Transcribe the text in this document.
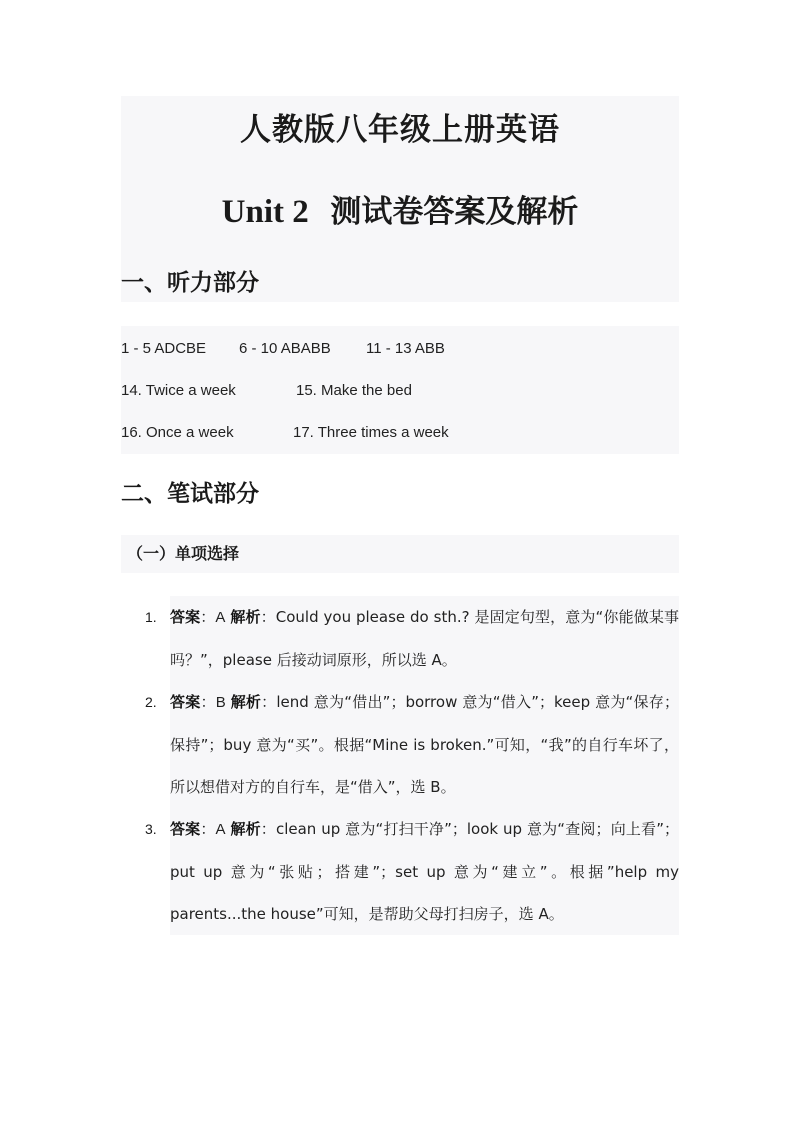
人教版八年级上册英语
Unit 2 测试卷答案及解析
一、听力部分
1 - 5 ADCBE 6 - 10 ABABB 11 - 13 ABB
14. Twice a week	15. Make the bed
16. Once a week	17. Three times a week
二、笔试部分
（一）单项选择
1. 答案：A 解析：Could you please do sth.? 是固定句型，意为“你能做某事吗？”，please 后接动词原形，所以选 A。
2. 答案：B 解析：lend 意为“借出”；borrow 意为“借入”；keep 意为“保存；保持”；buy 意为“买”。根据“Mine is broken.”可知，“我”的自行车坏了，所以想借对方的自行车，是“借入”，选 B。
3. 答案：A 解析：clean up 意为“打扫干净”；look up 意为“查阅；向上看”；put up 意为“张贴；搭建”；set up 意为“建立”。根据”help my parents...the house”可知，是帮助父母打扫房子，选 A。
